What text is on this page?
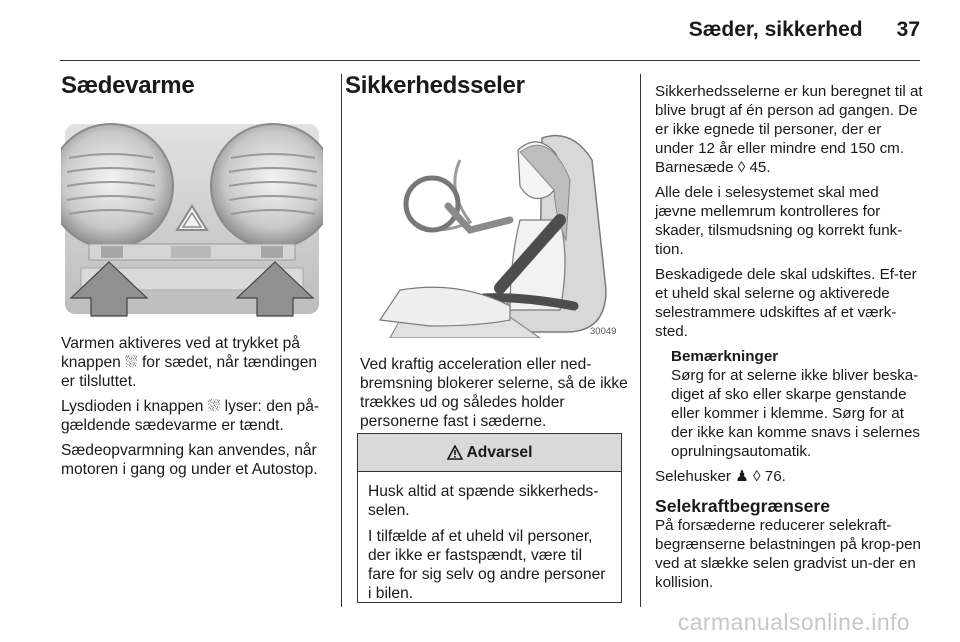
Sæder, sikkerhed 37
Sædevarme

Varmen aktiveres ved at trykket på knappen ⛆ for sædet, når tændingen er tilsluttet.

Lysdioden i knappen ⛆ lyser: den på-gældende sædevarme er tændt.

Sædeopvarmning kan anvendes, når motoren i gang og under et Autostop.

Sikkerhedsseler
30049

Ved kraftig acceleration eller ned-bremsning blokerer selerne, så de ikke trækkes ud og således holder personerne fast i sæderne.

Advarsel

Husk altid at spænde sikkerheds-selen.

I tilfælde af et uheld vil personer, der ikke er fastspændt, være til fare for sig selv og andre personer i bilen.

Sikkerhedsselerne er kun beregnet til at blive brugt af én person ad gangen. De er ikke egnede til personer, der er under 12 år eller mindre end 150 cm. Barnesæde ◊ 45.

Alle dele i selesystemet skal med jævne mellemrum kontrolleres for skader, tilsmudsning og korrekt funk-tion.

Beskadigede dele skal udskiftes. Ef-ter et uheld skal selerne og aktiverede selestrammere udskiftes af et værk-sted.

Bemærkninger
Sørg for at selerne ikke bliver beska-diget af sko eller skarpe genstande eller kommer i klemme. Sørg for at der ikke kan komme snavs i selernes oprulningsautomatik.

Selehusker ♟ ◊ 76.

Selekraftbegrænsere

På forsæderne reducerer selekraft-begrænserne belastningen på krop-pen ved at slække selen gradvist un-der en kollision.

carmanualsonline.info
